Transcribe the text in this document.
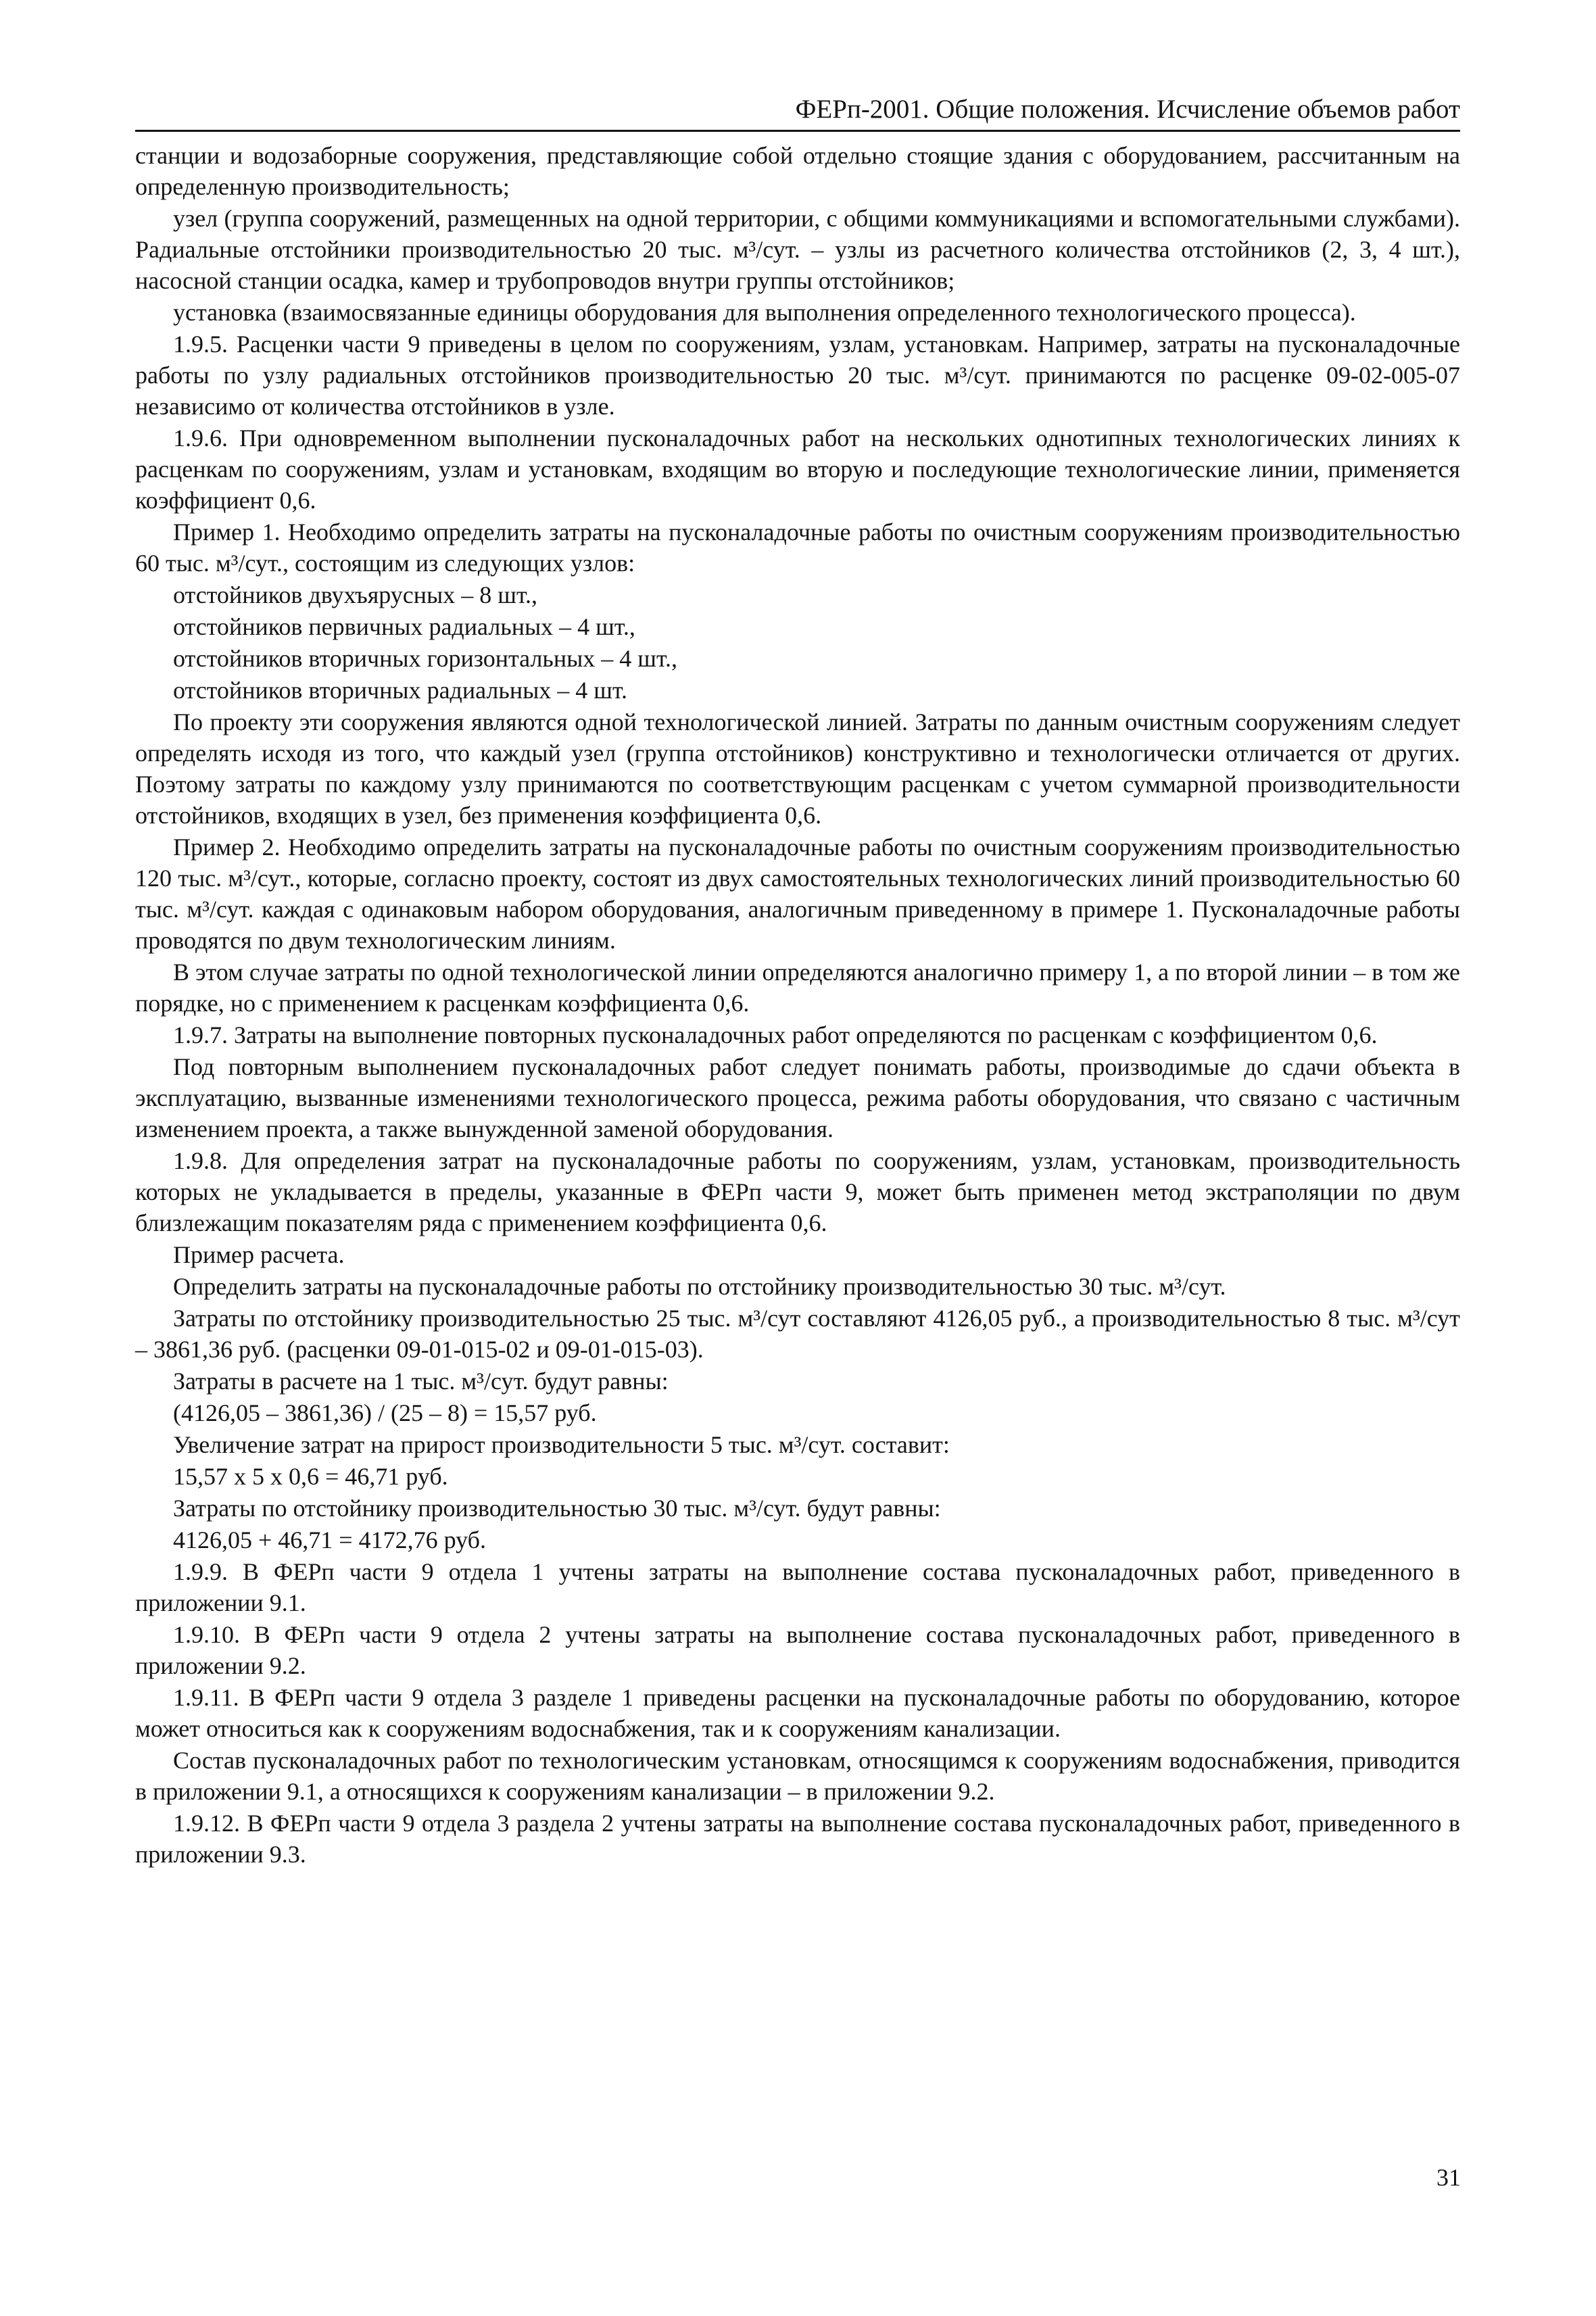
ФЕРп-2001. Общие положения. Исчисление объемов работ

станции и водозаборные сооружения, представляющие собой отдельно стоящие здания с оборудованием, рассчитанным на определенную производительность;

узел (группа сооружений, размещенных на одной территории, с общими коммуникациями и вспомогательными службами). Радиальные отстойники производительностью 20 тыс. м³/сут. – узлы из расчетного количества отстойников (2, 3, 4 шт.), насосной станции осадка, камер и трубопроводов внутри группы отстойников;

установка (взаимосвязанные единицы оборудования для выполнения определенного технологического процесса).

1.9.5. Расценки части 9 приведены в целом по сооружениям, узлам, установкам. Например, затраты на пусконаладочные работы по узлу радиальных отстойников производительностью 20 тыс. м³/сут. принимаются по расценке 09-02-005-07 независимо от количества отстойников в узле.

1.9.6. При одновременном выполнении пусконаладочных работ на нескольких однотипных технологических линиях к расценкам по сооружениям, узлам и установкам, входящим во вторую и последующие технологические линии, применяется коэффициент 0,6.

Пример 1. Необходимо определить затраты на пусконаладочные работы по очистным сооружениям производительностью 60 тыс. м³/сут., состоящим из следующих узлов:

отстойников двухъярусных – 8 шт.,

отстойников первичных радиальных – 4 шт.,

отстойников вторичных горизонтальных – 4 шт.,

отстойников вторичных радиальных – 4 шт.

По проекту эти сооружения являются одной технологической линией. Затраты по данным очистным сооружениям следует определять исходя из того, что каждый узел (группа отстойников) конструктивно и технологически отличается от других. Поэтому затраты по каждому узлу принимаются по соответствующим расценкам с учетом суммарной производительности отстойников, входящих в узел, без применения коэффициента 0,6.

Пример 2. Необходимо определить затраты на пусконаладочные работы по очистным сооружениям производительностью 120 тыс. м³/сут., которые, согласно проекту, состоят из двух самостоятельных технологических линий производительностью 60 тыс. м³/сут. каждая с одинаковым набором оборудования, аналогичным приведенному в примере 1. Пусконаладочные работы проводятся по двум технологическим линиям.

В этом случае затраты по одной технологической линии определяются аналогично примеру 1, а по второй линии – в том же порядке, но с применением к расценкам коэффициента 0,6.

1.9.7. Затраты на выполнение повторных пусконаладочных работ определяются по расценкам с коэффициентом 0,6.

Под повторным выполнением пусконаладочных работ следует понимать работы, производимые до сдачи объекта в эксплуатацию, вызванные изменениями технологического процесса, режима работы оборудования, что связано с частичным изменением проекта, а также вынужденной заменой оборудования.

1.9.8. Для определения затрат на пусконаладочные работы по сооружениям, узлам, установкам, производительность которых не укладывается в пределы, указанные в ФЕРп части 9, может быть применен метод экстраполяции по двум близлежащим показателям ряда с применением коэффициента 0,6.

Пример расчета.

Определить затраты на пусконаладочные работы по отстойнику производительностью 30 тыс. м³/сут.

Затраты по отстойнику производительностью 25 тыс. м³/сут составляют 4126,05 руб., а производительностью 8 тыс. м³/сут – 3861,36 руб. (расценки 09-01-015-02 и 09-01-015-03).

Затраты в расчете на 1 тыс. м³/сут. будут равны:

(4126,05 – 3861,36) / (25 – 8) = 15,57 руб.

Увеличение затрат на прирост производительности 5 тыс. м³/сут. составит:

15,57 х 5 х 0,6 = 46,71 руб.

Затраты по отстойнику производительностью 30 тыс. м³/сут. будут равны:

4126,05 + 46,71 = 4172,76 руб.

1.9.9. В ФЕРп части 9 отдела 1 учтены затраты на выполнение состава пусконаладочных работ, приведенного в приложении 9.1.

1.9.10. В ФЕРп части 9 отдела 2 учтены затраты на выполнение состава пусконаладочных работ, приведенного в приложении 9.2.

1.9.11. В ФЕРп части 9 отдела 3 разделе 1 приведены расценки на пусконаладочные работы по оборудованию, которое может относиться как к сооружениям водоснабжения, так и к сооружениям канализации.

Состав пусконаладочных работ по технологическим установкам, относящимся к сооружениям водоснабжения, приводится в приложении 9.1, а относящихся к сооружениям канализации – в приложении 9.2.

1.9.12. В ФЕРп части 9 отдела 3 раздела 2 учтены затраты на выполнение состава пусконаладочных работ, приведенного в приложении 9.3.

31
